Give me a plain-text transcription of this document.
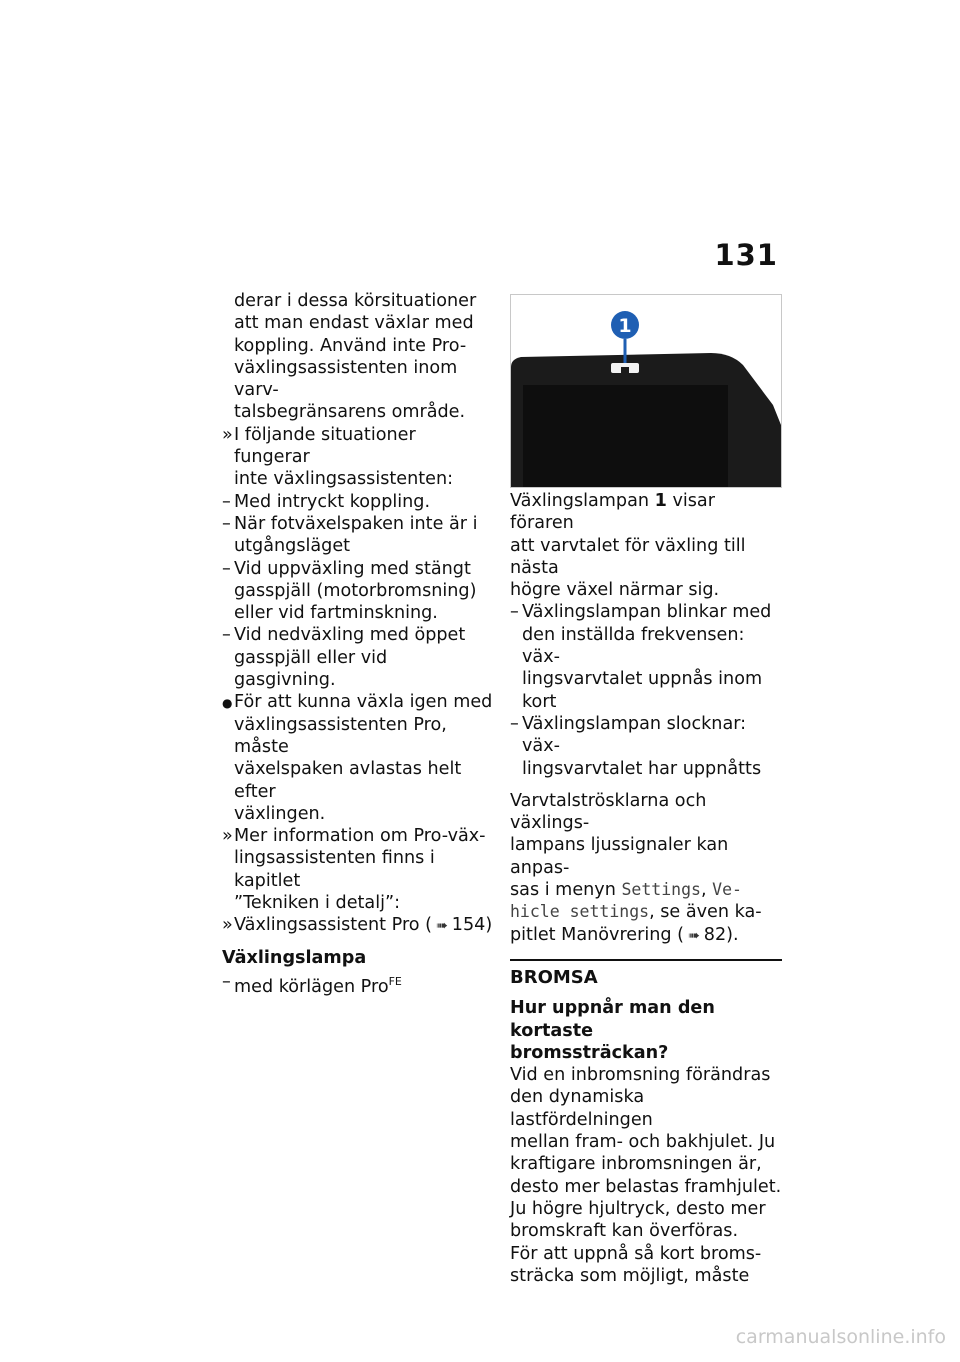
131

derar i dessa körsituationer

att man endast växlar med

koppling. Använd inte Pro-

växlingsassistenten inom varv-

talsbegränsarens område.

» I följande situationer fungerar
inte växlingsassistenten:
– Med intryckt koppling.
– När fotväxelspaken inte är i
utgångsläget
– Vid uppväxling med stängt
gasspjäll (motorbromsning)
eller vid fartminskning.
– Vid nedväxling med öppet
gasspjäll eller vid gasgivning.
● För att kunna växla igen med
växlingsassistenten Pro, måste
växelspaken avlastas helt efter
växlingen.
» Mer information om Pro-väx-
lingsassistenten finns i kapitlet
”Tekniken i detalj”:
» Växlingsassistent Pro ( ➠ 154)
Växlingslampa
– med körlägen Pro$^{FE}$
1
Växlingslampan 1 visar föraren
att varvtalet för växling till nästa
högre växel närmar sig.
– Växlingslampan blinkar med
den inställda frekvensen: väx-
lingsvarvtalet uppnås inom
kort
– Växlingslampan slocknar: väx-
lingsvarvtalet har uppnåtts
Varvtalströsklarna och växlings-
lampans ljussignaler kan anpas-
sas i menyn Settings, Ve-
hicle settings, se även ka-
pitlet Manövrering ( ➠ 82).
BROMSA
Hur uppnår man den kortaste
bromssträckan?
Vid en inbromsning förändras
den dynamiska lastfördelningen
mellan fram- och bakhjulet. Ju
kraftigare inbromsningen är,
desto mer belastas framhjulet.
Ju högre hjultryck, desto mer
bromskraft kan överföras.
För att uppnå så kort broms-
sträcka som möjligt, måste
carmanualsonline.info
